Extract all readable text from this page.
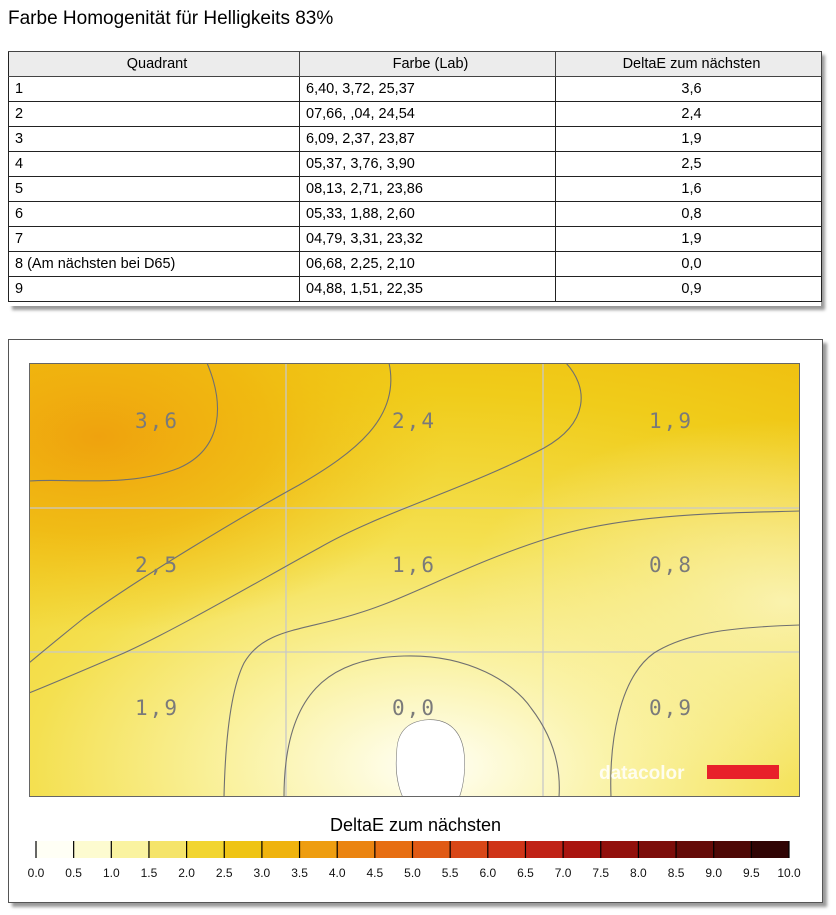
Farbe Homogenität für Helligkeits 83%
Quadrant	Farbe (Lab)	DeltaE zum nächsten
1	6,40, 3,72, 25,37	3,6
2	07,66, ,04, 24,54	2,4
3	6,09, 2,37, 23,87	1,9
4	05,37, 3,76, 3,90	2,5
5	08,13, 2,71, 23,86	1,6
6	05,33, 1,88, 2,60	0,8
7	04,79, 3,31, 23,32	1,9
8 (Am nächsten bei D65)	06,68, 2,25, 2,10	0,0
9	04,88, 1,51, 22,35	0,9
3,6	2,4	1,9
2,5	1,6	0,8
1,9	0,0	0,9
datacolor
DeltaE zum nächsten
0.0 0.5 1.0 1.5 2.0 2.5 3.0 3.5 4.0 4.5 5.0 5.5 6.0 6.5 7.0 7.5 8.0 8.5 9.0 9.5 10.0
